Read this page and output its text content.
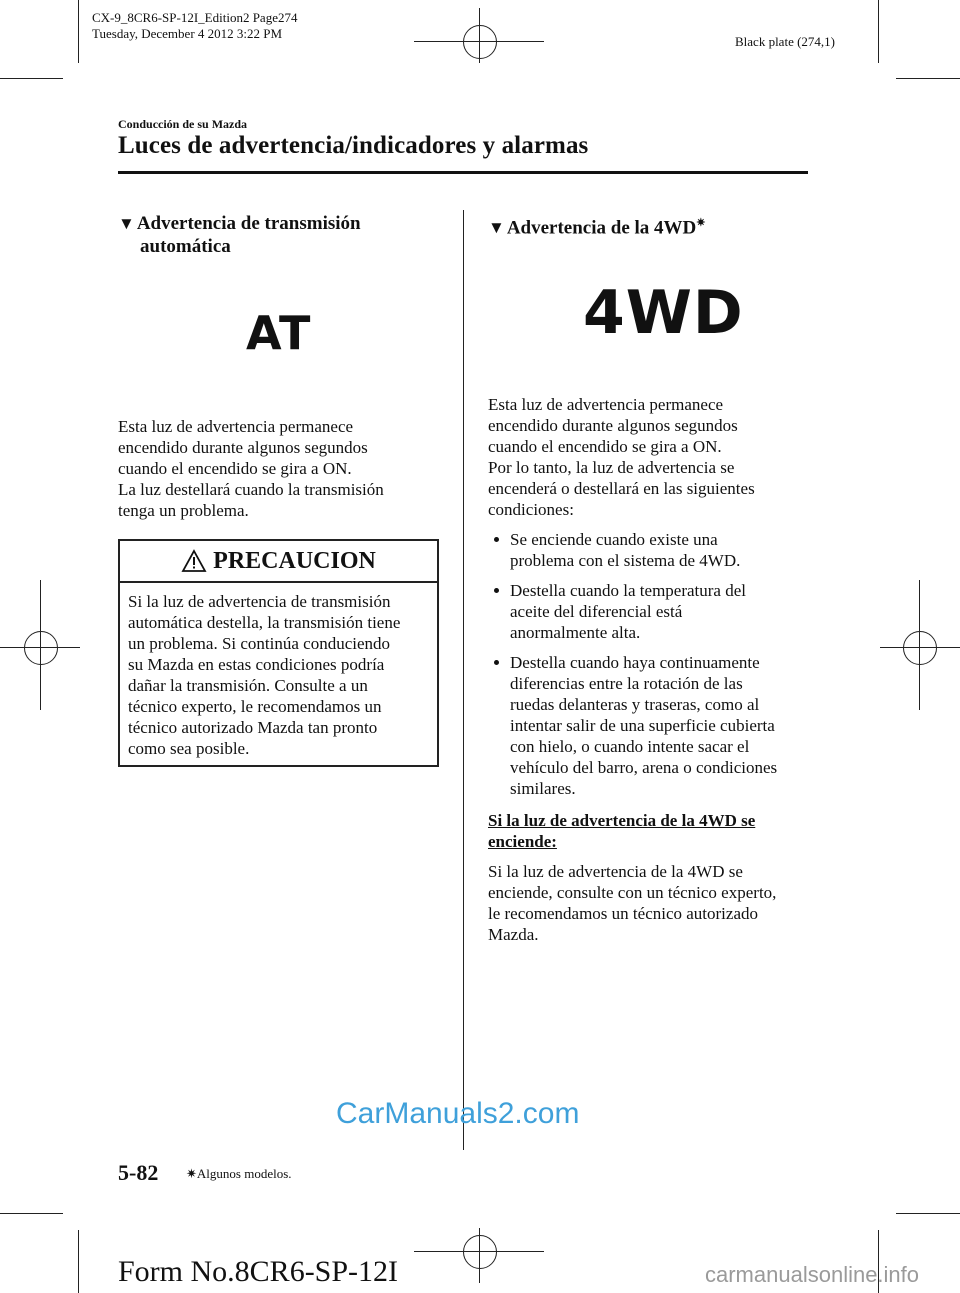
CX-9_8CR6-SP-12I_Edition2 Page274
Tuesday, December 4 2012 3:22 PM
Black plate (274,1)
Conducción de su Mazda
Luces de advertencia/indicadores y alarmas
▼ Advertencia de transmisión
automática
AT

Esta luz de advertencia permanece

encendido durante algunos segundos

cuando el encendido se gira a ON.

La luz destellará cuando la transmisión

tenga un problema.

PRECAUCION
Si la luz de advertencia de transmisión
automática destella, la transmisión tiene
un problema. Si continúa conduciendo
su Mazda en estas condiciones podría
dañar la transmisión. Consulte a un
técnico experto, le recomendamos un
técnico autorizado Mazda tan pronto
como sea posible.
▼ Advertencia de la 4WD✷
4WD

Esta luz de advertencia permanece

encendido durante algunos segundos

cuando el encendido se gira a ON.

Por lo tanto, la luz de advertencia se

encenderá o destellará en las siguientes

condiciones:

Se enciende cuando existe una
problema con el sistema de 4WD.
Destella cuando la temperatura del
aceite del diferencial está
anormalmente alta.
Destella cuando haya continuamente
diferencias entre la rotación de las
ruedas delanteras y traseras, como al
intentar salir de una superficie cubierta
con hielo, o cuando intente sacar el
vehículo del barro, arena o condiciones
similares.
Si la luz de advertencia de la 4WD se
enciende:
Si la luz de advertencia de la 4WD se
enciende, consulte con un técnico experto,
le recomendamos un técnico autorizado
Mazda.
CarManuals2.com
5-82 ✷Algunos modelos.
Form No.8CR6-SP-12I	carmanualsonline.info
